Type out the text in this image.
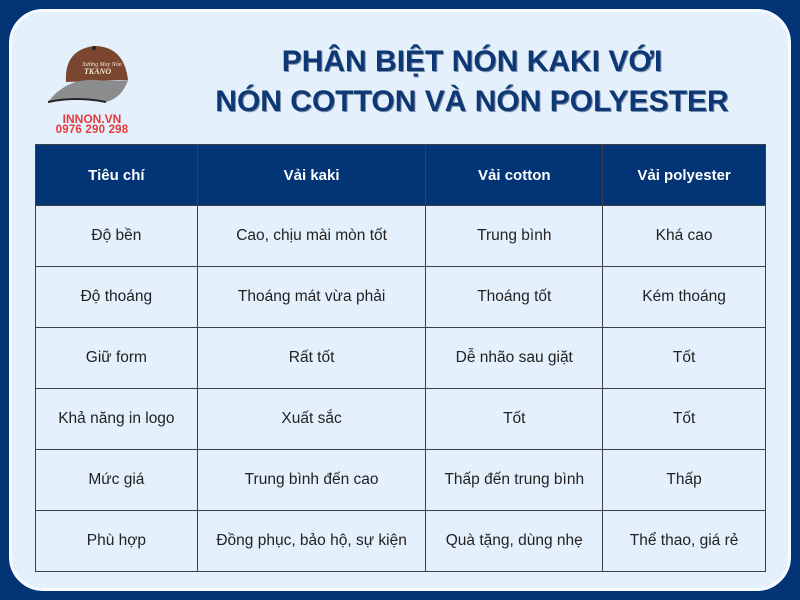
Xưởng May Nón
TKANO
INNON.VN
0976 290 298
PHÂN BIỆT NÓN KAKI VỚI
NÓN COTTON VÀ NÓN POLYESTER
Tiêu chí	Vải kaki	Vải cotton	Vải polyester
Độ bền	Cao, chịu mài mòn tốt	Trung bình	Khá cao
Độ thoáng	Thoáng mát vừa phải	Thoáng tốt	Kém thoáng
Giữ form	Rất tốt	Dễ nhão sau giặt	Tốt
Khả năng in logo	Xuất sắc	Tốt	Tốt
Mức giá	Trung bình đến cao	Thấp đến trung bình	Thấp
Phù hợp	Đồng phục, bảo hộ, sự kiện	Quà tặng, dùng nhẹ	Thể thao, giá rẻ
